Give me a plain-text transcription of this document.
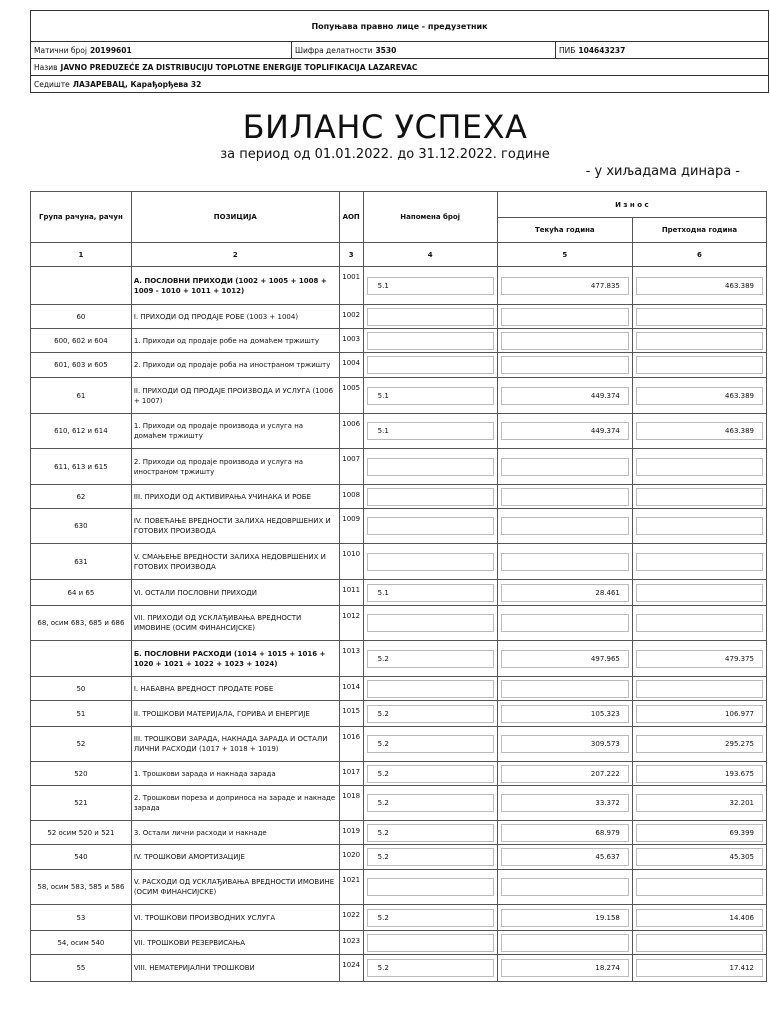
Попуњава правно лице - предузетник
Матични број 20199601	Шифра делатности 3530	ПИБ 104643237
Назив JAVNO PREDUZEĆE ZA DISTRIBUCIJU TOPLOTNE ENERGIJE TOPLIFIKACIJA LAZAREVAC
Седиште ЛАЗАРЕВАЦ, Карађорђева 32
БИЛАНС УСПЕХА
за период од 01.01.2022. до 31.12.2022. године
- у хиљадама динара -
Група рачуна, рачун	ПОЗИЦИЈА	АОП	Напомена број	И з н о с	
				Текућа година	Претходна година
1	2	3	4	5	6
	А. ПОСЛОВНИ ПРИХОДИ (1002 + 1005 + 1008 + 1009 - 1010 + 1011 + 1012)	1001	5.1	477.835	463.389

60	I. ПРИХОДИ ОД ПРОДАЈЕ РОБЕ (1003 + 1004)	1002	

600, 602 и 604	1. Приходи од продаје робе на домаћем тржишту	1003	

601, 603 и 605	2. Приходи од продаје роба на иностраном тржишту	1004	

61	II. ПРИХОДИ ОД ПРОДАЈЕ ПРОИЗВОДА И УСЛУГА (1006 + 1007)	1005	5.1	449.374	463.389

610, 612 и 614	1. Приходи од продаје производа и услуга на домаћем тржишту	1006	5.1	449.374	463.389

611, 613 и 615	2. Приходи од продаје производа и услуга на иностраном тржишту	1007	

62	III. ПРИХОДИ ОД АКТИВИРАЊА УЧИНАКА И РОБЕ	1008	

630	IV. ПОВЕЋАЊЕ ВРЕДНОСТИ ЗАЛИХА НЕДОВРШЕНИХ И ГОТОВИХ ПРОИЗВОДА	1009	

631	V. СМАЊЕЊЕ ВРЕДНОСТИ ЗАЛИХА НЕДОВРШЕНИХ И ГОТОВИХ ПРОИЗВОДА	1010	

64 и 65	VI. ОСТАЛИ ПОСЛОВНИ ПРИХОДИ	1011	5.1	28.461	

68, осим 683, 685 и 686	VII. ПРИХОДИ ОД УСКЛАЂИВАЊА ВРЕДНОСТИ ИМОВИНЕ (ОСИМ ФИНАНСИЈСКЕ)	1012	

	Б. ПОСЛОВНИ РАСХОДИ (1014 + 1015 + 1016 + 1020 + 1021 + 1022 + 1023 + 1024)	1013	5.2	497.965	479.375

50	I. НАБАВНА ВРЕДНОСТ ПРОДАТЕ РОБЕ	1014	

51	II. ТРОШКОВИ МАТЕРИЈАЛА, ГОРИВА И ЕНЕРГИЈЕ	1015	5.2	105.323	106.977

52	III. ТРОШКОВИ ЗАРАДА, НАКНАДА ЗАРАДА И ОСТАЛИ ЛИЧНИ РАСХОДИ (1017 + 1018 + 1019)	1016	5.2	309.573	295.275

520	1. Трошкови зарада и накнада зарада	1017	5.2	207.222	193.675

521	2. Трошкови пореза и доприноса на зараде и накнаде зарада	1018	5.2	33.372	32.201

52 осим 520 и 521	3. Остали лични расходи и накнаде	1019	5.2	68.979	69.399

540	IV. ТРОШКОВИ АМОРТИЗАЦИЈЕ	1020	5.2	45.637	45.305

58, осим 583, 585 и 586	V. РАСХОДИ ОД УСКЛАЂИВАЊА ВРЕДНОСТИ ИМОВИНЕ (ОСИМ ФИНАНСИЈСКЕ)	1021	

53	VI. ТРОШКОВИ ПРОИЗВОДНИХ УСЛУГА	1022	5.2	19.158	14.406

54, осим 540	VII. ТРОШКОВИ РЕЗЕРВИСАЊА	1023	

55	VIII. НЕМАТЕРИЈАЛНИ ТРОШКОВИ	1024	5.2	18.274	17.412
